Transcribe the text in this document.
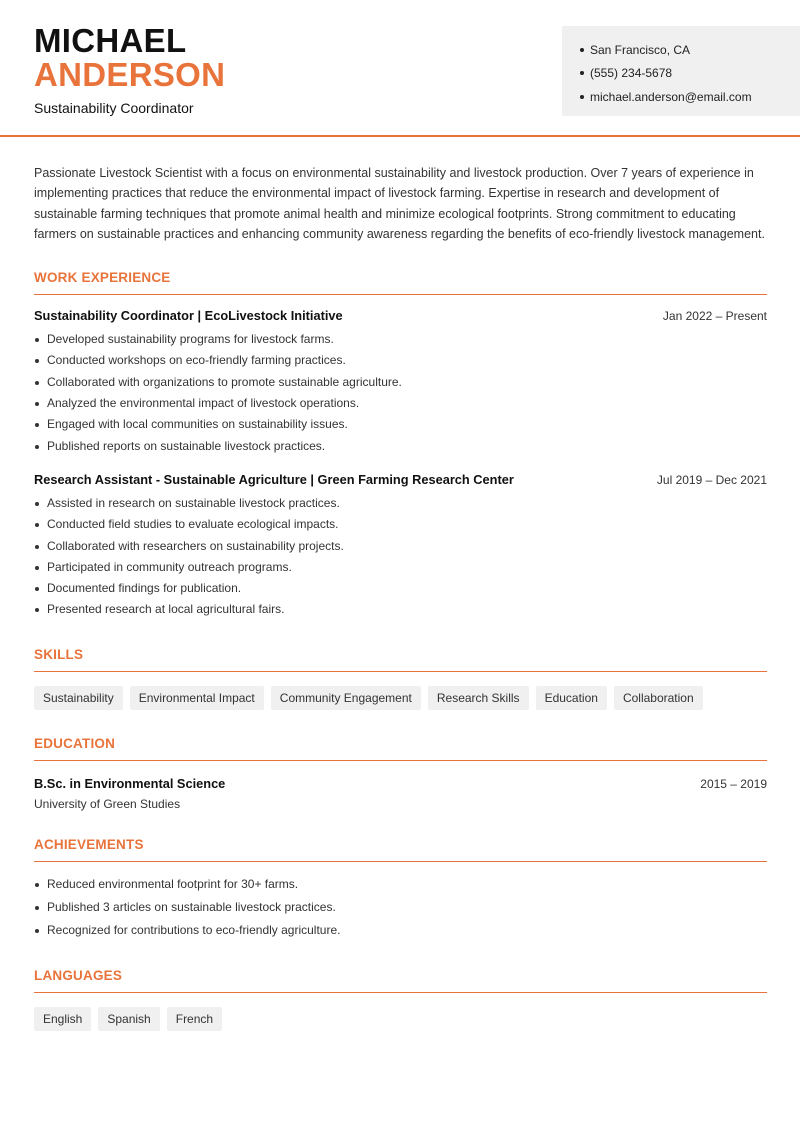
MICHAEL
ANDERSON
Sustainability Coordinator
San Francisco, CA
(555) 234-5678
michael.anderson@email.com

Passionate Livestock Scientist with a focus on environmental sustainability and livestock production. Over 7 years of experience in implementing practices that reduce the environmental impact of livestock farming. Expertise in research and development of sustainable farming techniques that promote animal health and minimize ecological footprints. Strong commitment to educating farmers on sustainable practices and enhancing community awareness regarding the benefits of eco-friendly livestock management.

WORK EXPERIENCE
Sustainability Coordinator | EcoLivestock Initiative	Jan 2022 – Present
Developed sustainability programs for livestock farms.
Conducted workshops on eco-friendly farming practices.
Collaborated with organizations to promote sustainable agriculture.
Analyzed the environmental impact of livestock operations.
Engaged with local communities on sustainability issues.
Published reports on sustainable livestock practices.
Research Assistant - Sustainable Agriculture | Green Farming Research Center	Jul 2019 – Dec 2021
Assisted in research on sustainable livestock practices.
Conducted field studies to evaluate ecological impacts.
Collaborated with researchers on sustainability projects.
Participated in community outreach programs.
Documented findings for publication.
Presented research at local agricultural fairs.
SKILLS
Sustainability	Environmental Impact	Community Engagement	Research Skills	Education	Collaboration
EDUCATION
B.Sc. in Environmental Science	2015 – 2019
University of Green Studies
ACHIEVEMENTS
Reduced environmental footprint for 30+ farms.
Published 3 articles on sustainable livestock practices.
Recognized for contributions to eco-friendly agriculture.
LANGUAGES
English	Spanish	French
